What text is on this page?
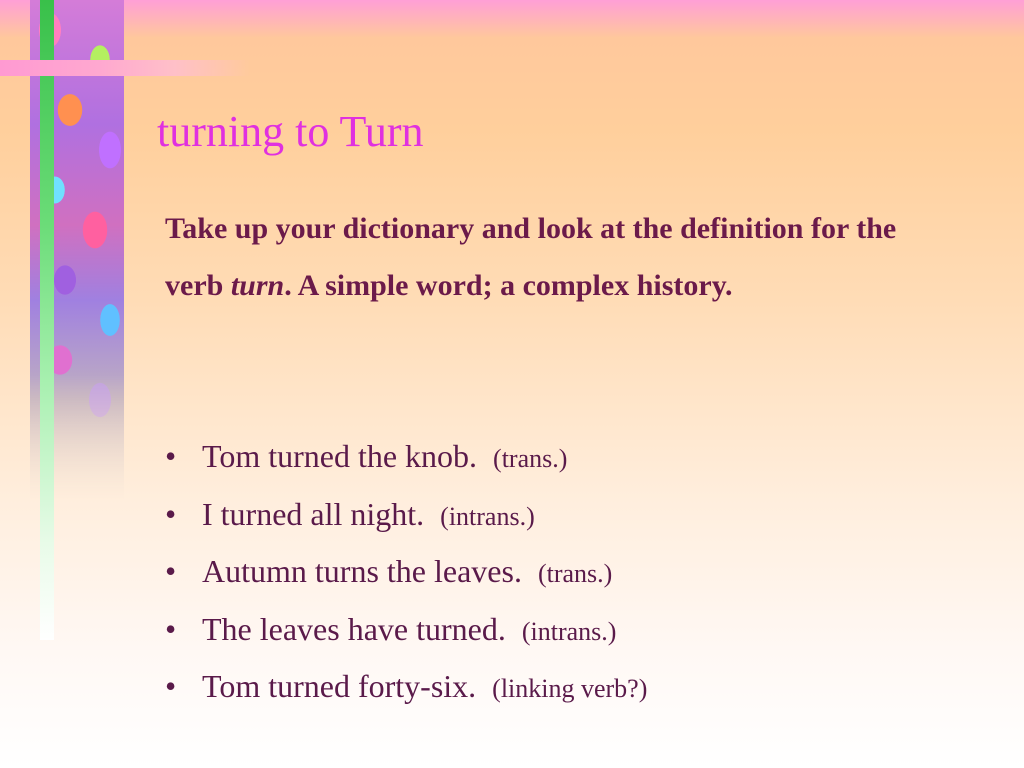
turning to Turn
Take up your dictionary and look at the definition for the verb turn. A simple word; a complex history.
• Tom turned the knob. (trans.)
• I turned all night. (intrans.)
• Autumn turns the leaves. (trans.)
• The leaves have turned. (intrans.)
• Tom turned forty-six. (linking verb?)
